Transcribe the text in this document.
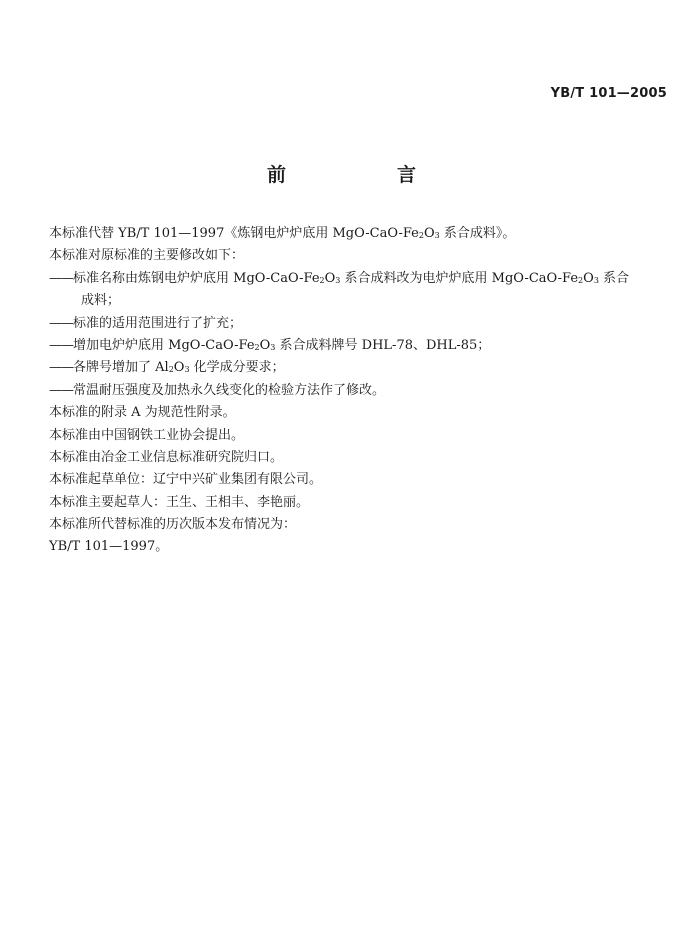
YB/T 101—2005
前　言
本标准代替 YB/T 101—1997《炼钢电炉炉底用 MgO-$CaO-Fe_2O_3$ 系合成料》。
本标准对原标准的主要修改如下：
——标准名称由炼钢电炉炉底用 MgO-$CaO-Fe_2O_3$ 系合成料改为电炉炉底用 MgO-$CaO-Fe_2O_3$ 系合
成料；
——标准的适用范围进行了扩充；
——增加电炉炉底用 MgO-$CaO-Fe_2O_3$ 系合成料牌号 DHL-78、DHL-85；
——各牌号增加了 $Al_2O_3$ 化学成分要求；
——常温耐压强度及加热永久线变化的检验方法作了修改。
本标准的附录 A 为规范性附录。
本标准由中国钢铁工业协会提出。
本标准由冶金工业信息标准研究院归口。
本标准起草单位：辽宁中兴矿业集团有限公司。
本标准主要起草人：王生、王相丰、李艳丽。
本标准所代替标准的历次版本发布情况为：
YB/T 101—1997。
